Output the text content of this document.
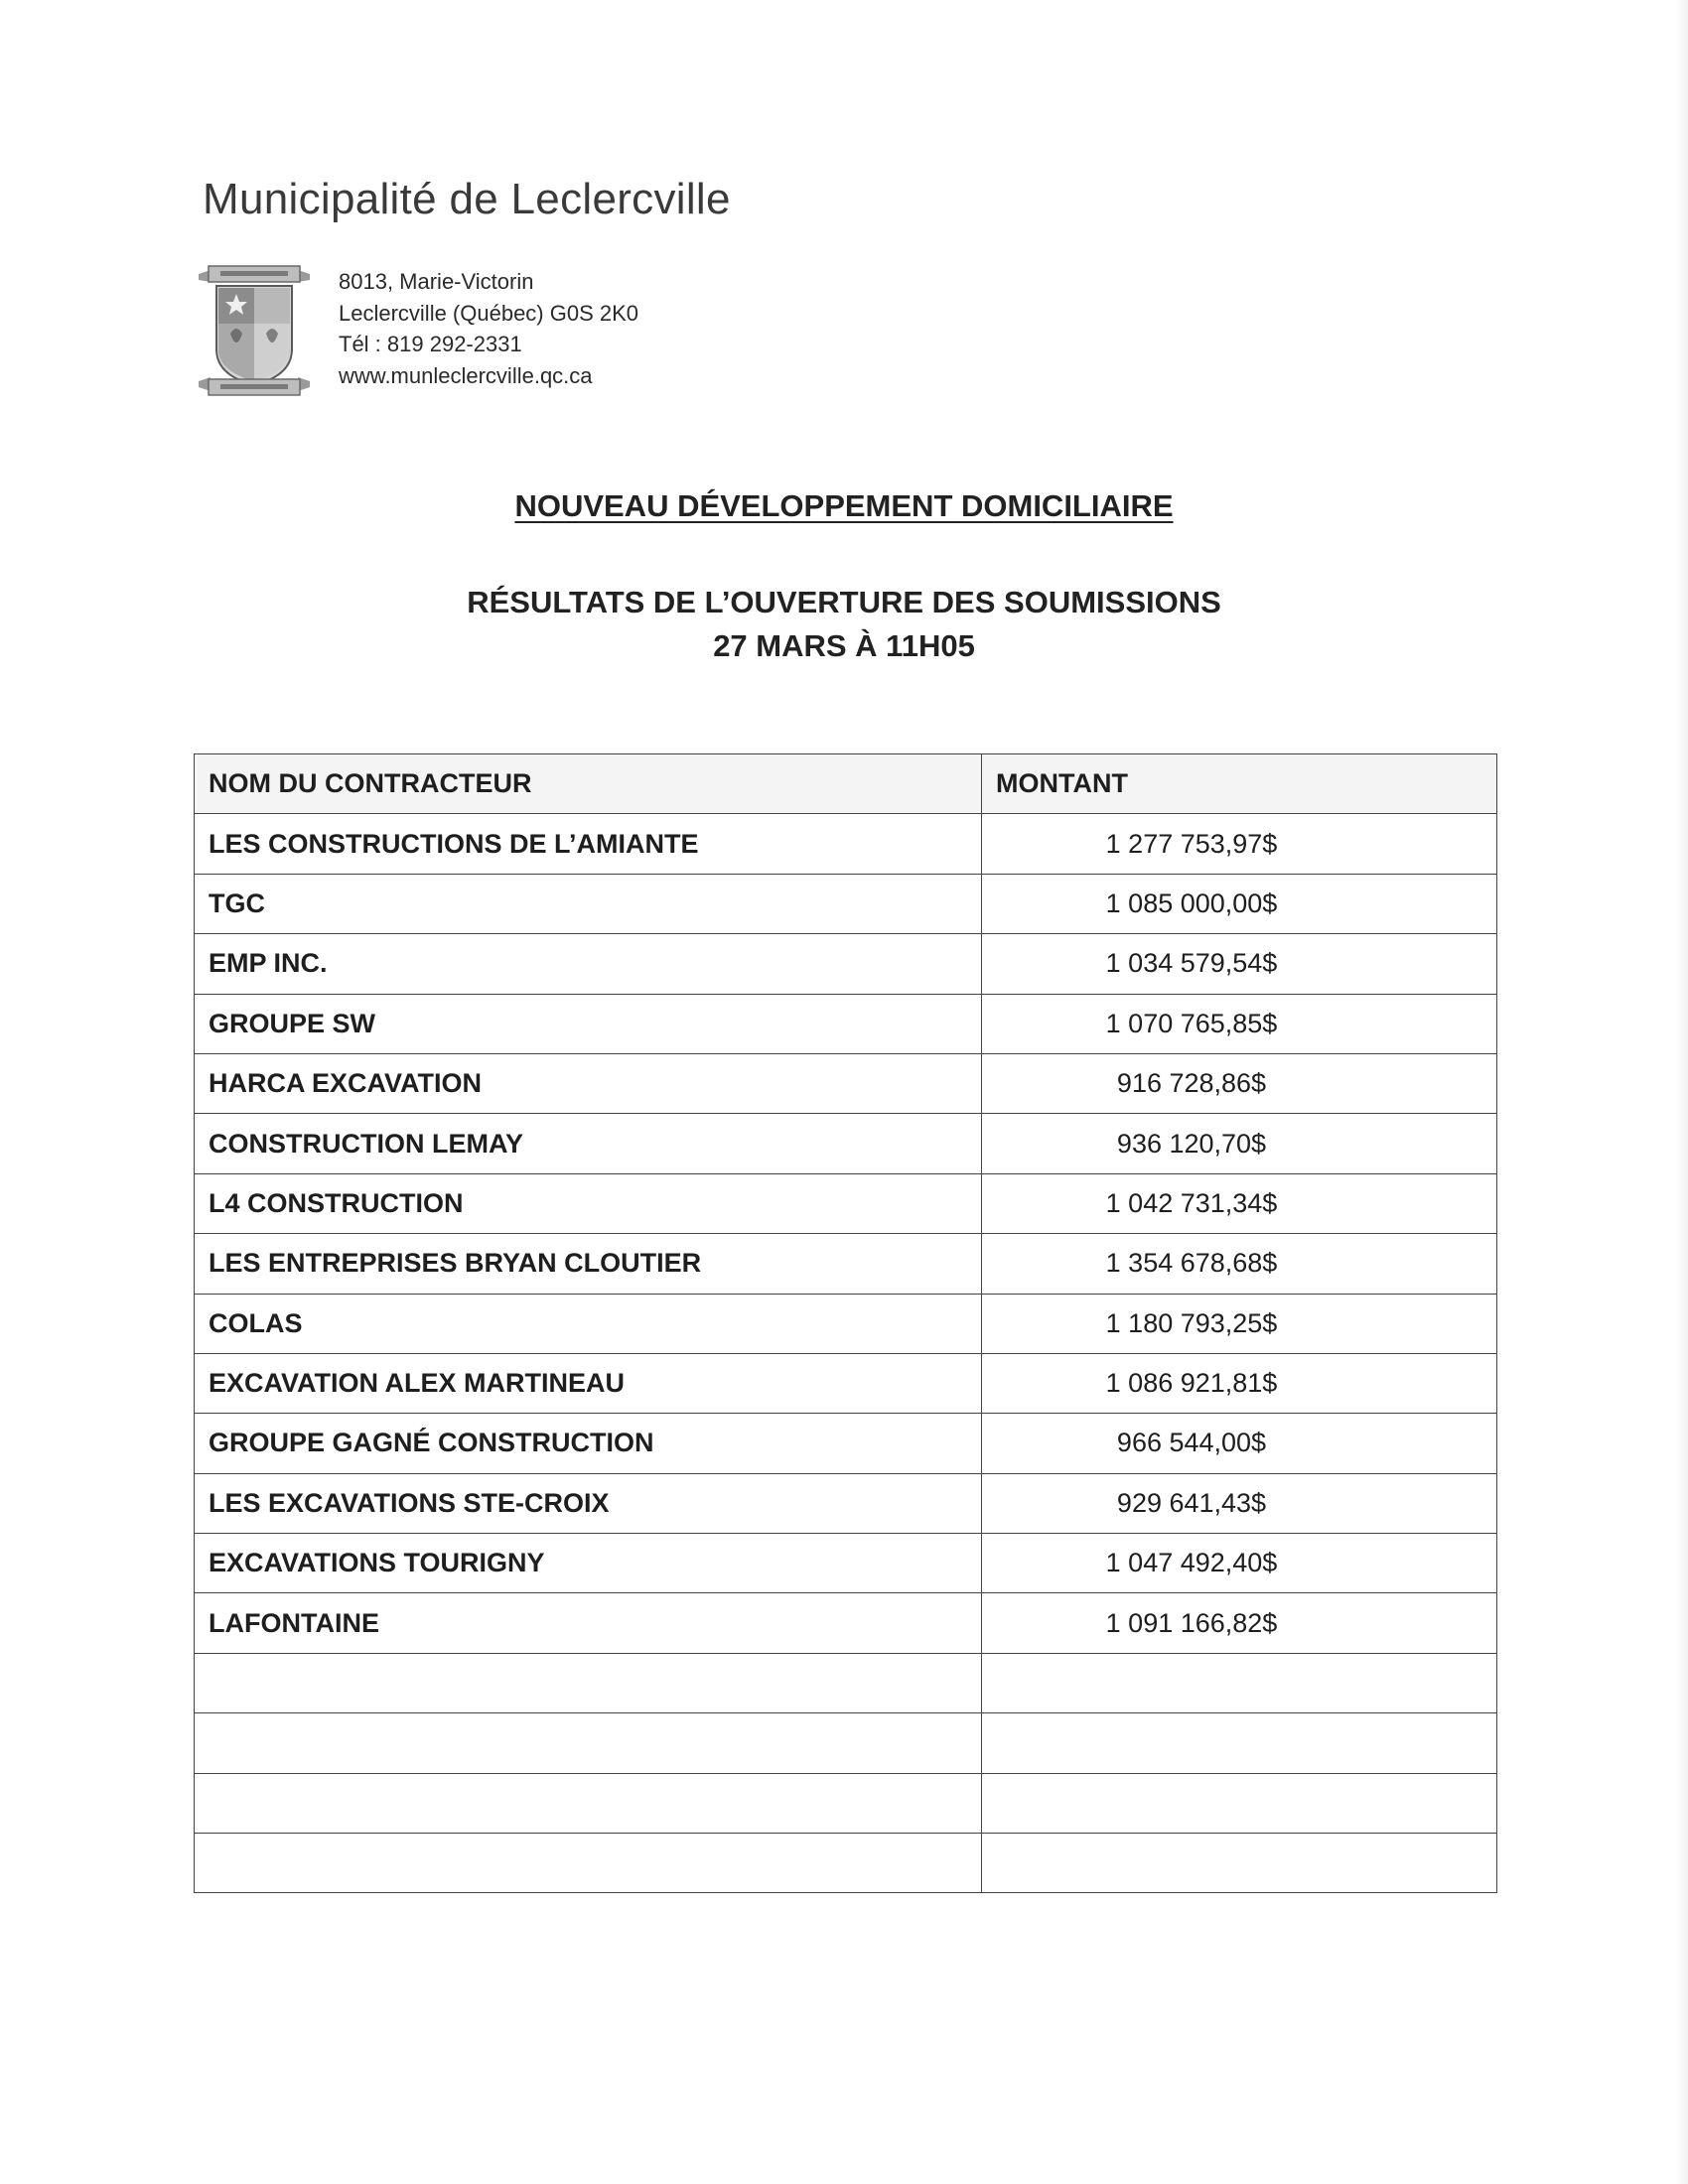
Municipalité de Leclercville
8013, Marie-Victorin
Leclercville (Québec) G0S 2K0
Tél : 819 292-2331
www.munleclercville.qc.ca
NOUVEAU DÉVELOPPEMENT DOMICILIAIRE
RÉSULTATS DE L’OUVERTURE DES SOUMISSIONS
27 MARS À 11H05
NOM DU CONTRACTEUR	MONTANT
LES CONSTRUCTIONS DE L’AMIANTE	1 277 753,97$
TGC	1 085 000,00$
EMP INC.	1 034 579,54$
GROUPE SW	1 070 765,85$
HARCA EXCAVATION	916 728,86$
CONSTRUCTION LEMAY	936 120,70$
L4 CONSTRUCTION	1 042 731,34$
LES ENTREPRISES BRYAN CLOUTIER	1 354 678,68$
COLAS	1 180 793,25$
EXCAVATION ALEX MARTINEAU	1 086 921,81$
GROUPE GAGNÉ CONSTRUCTION	966 544,00$
LES EXCAVATIONS STE-CROIX	929 641,43$
EXCAVATIONS TOURIGNY	1 047 492,40$
LAFONTAINE	1 091 166,82$
